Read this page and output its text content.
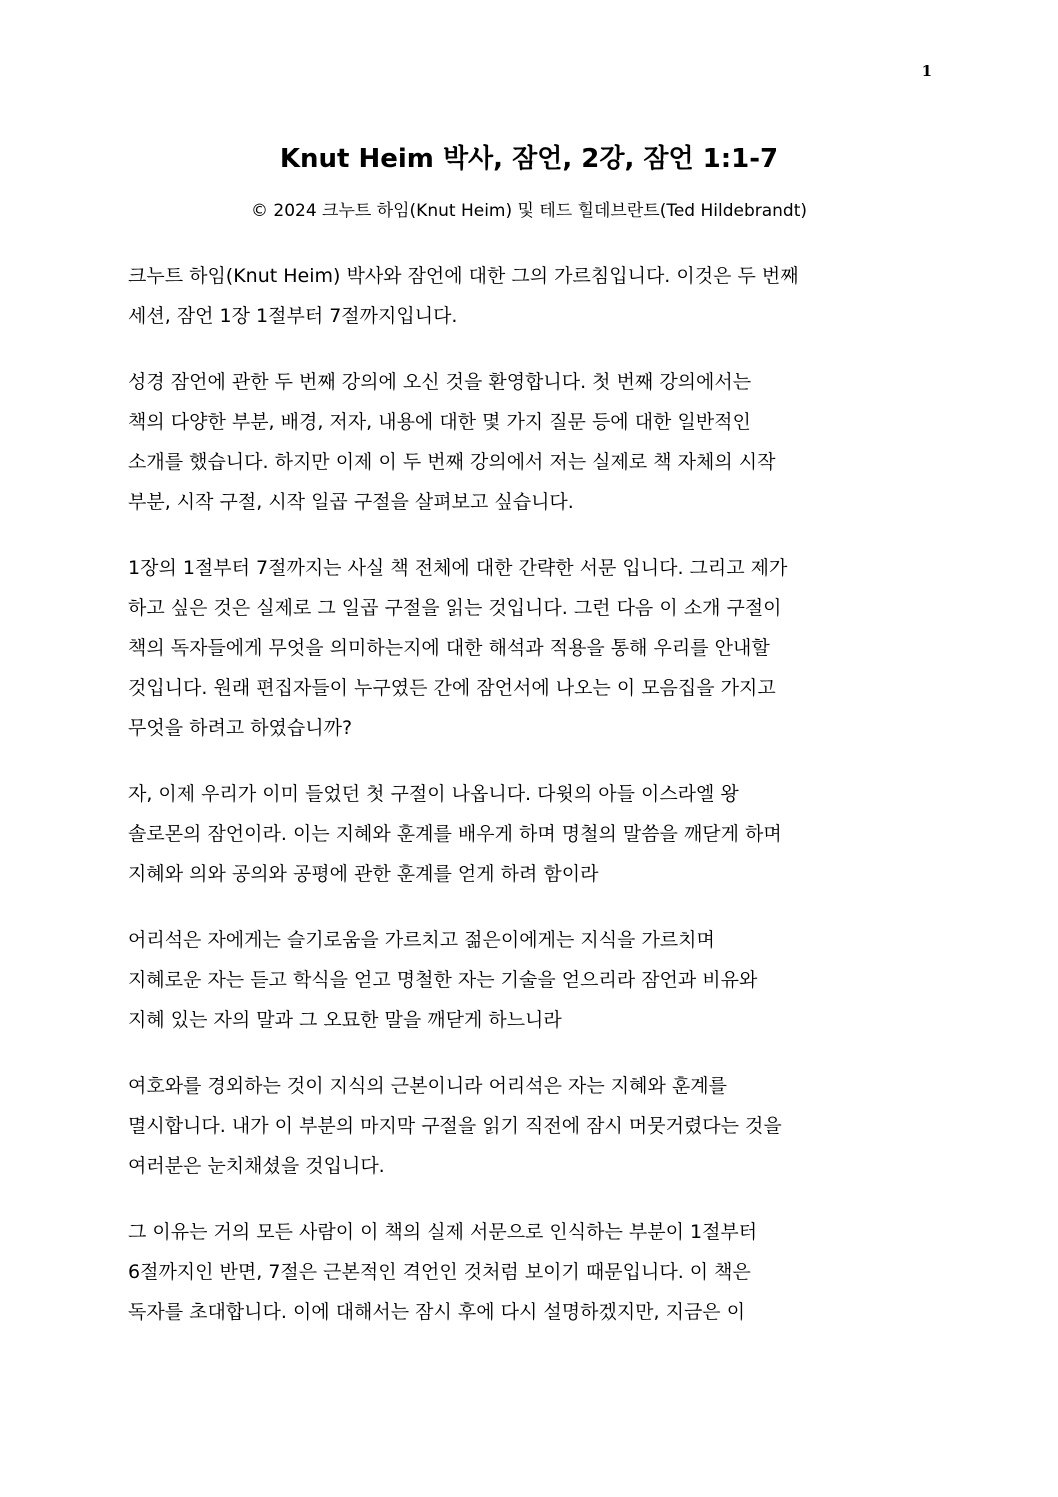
1
Knut Heim 박사, 잠언, 2강, 잠언 1:1-7
© 2024 크누트 하임(Knut Heim) 및 테드 힐데브란트(Ted Hildebrandt)

크누트 하임(Knut Heim) 박사와 잠언에 대한 그의 가르침입니다. 이것은 두 번째
세션, 잠언 1장 1절부터 7절까지입니다.

성경 잠언에 관한 두 번째 강의에 오신 것을 환영합니다. 첫 번째 강의에서는
책의 다양한 부분, 배경, 저자, 내용에 대한 몇 가지 질문 등에 대한 일반적인
소개를 했습니다. 하지만 이제 이 두 번째 강의에서 저는 실제로 책 자체의 시작
부분, 시작 구절, 시작 일곱 구절을 살펴보고 싶습니다.

1장의 1절부터 7절까지는 사실 책 전체에 대한 간략한 서문 입니다. 그리고 제가
하고 싶은 것은 실제로 그 일곱 구절을 읽는 것입니다. 그런 다음 이 소개 구절이
책의 독자들에게 무엇을 의미하는지에 대한 해석과 적용을 통해 우리를 안내할
것입니다. 원래 편집자들이 누구였든 간에 잠언서에 나오는 이 모음집을 가지고
무엇을 하려고 하였습니까?

자, 이제 우리가 이미 들었던 첫 구절이 나옵니다. 다윗의 아들 이스라엘 왕
솔로몬의 잠언이라. 이는 지혜와 훈계를 배우게 하며 명철의 말씀을 깨닫게 하며
지혜와 의와 공의와 공평에 관한 훈계를 얻게 하려 함이라

어리석은 자에게는 슬기로움을 가르치고 젊은이에게는 지식을 가르치며
지혜로운 자는 듣고 학식을 얻고 명철한 자는 기술을 얻으리라 잠언과 비유와
지혜 있는 자의 말과 그 오묘한 말을 깨닫게 하느니라

여호와를 경외하는 것이 지식의 근본이니라 어리석은 자는 지혜와 훈계를
멸시합니다. 내가 이 부분의 마지막 구절을 읽기 직전에 잠시 머뭇거렸다는 것을
여러분은 눈치채셨을 것입니다.

그 이유는 거의 모든 사람이 이 책의 실제 서문으로 인식하는 부분이 1절부터
6절까지인 반면, 7절은 근본적인 격언인 것처럼 보이기 때문입니다. 이 책은
독자를 초대합니다. 이에 대해서는 잠시 후에 다시 설명하겠지만, 지금은 이
